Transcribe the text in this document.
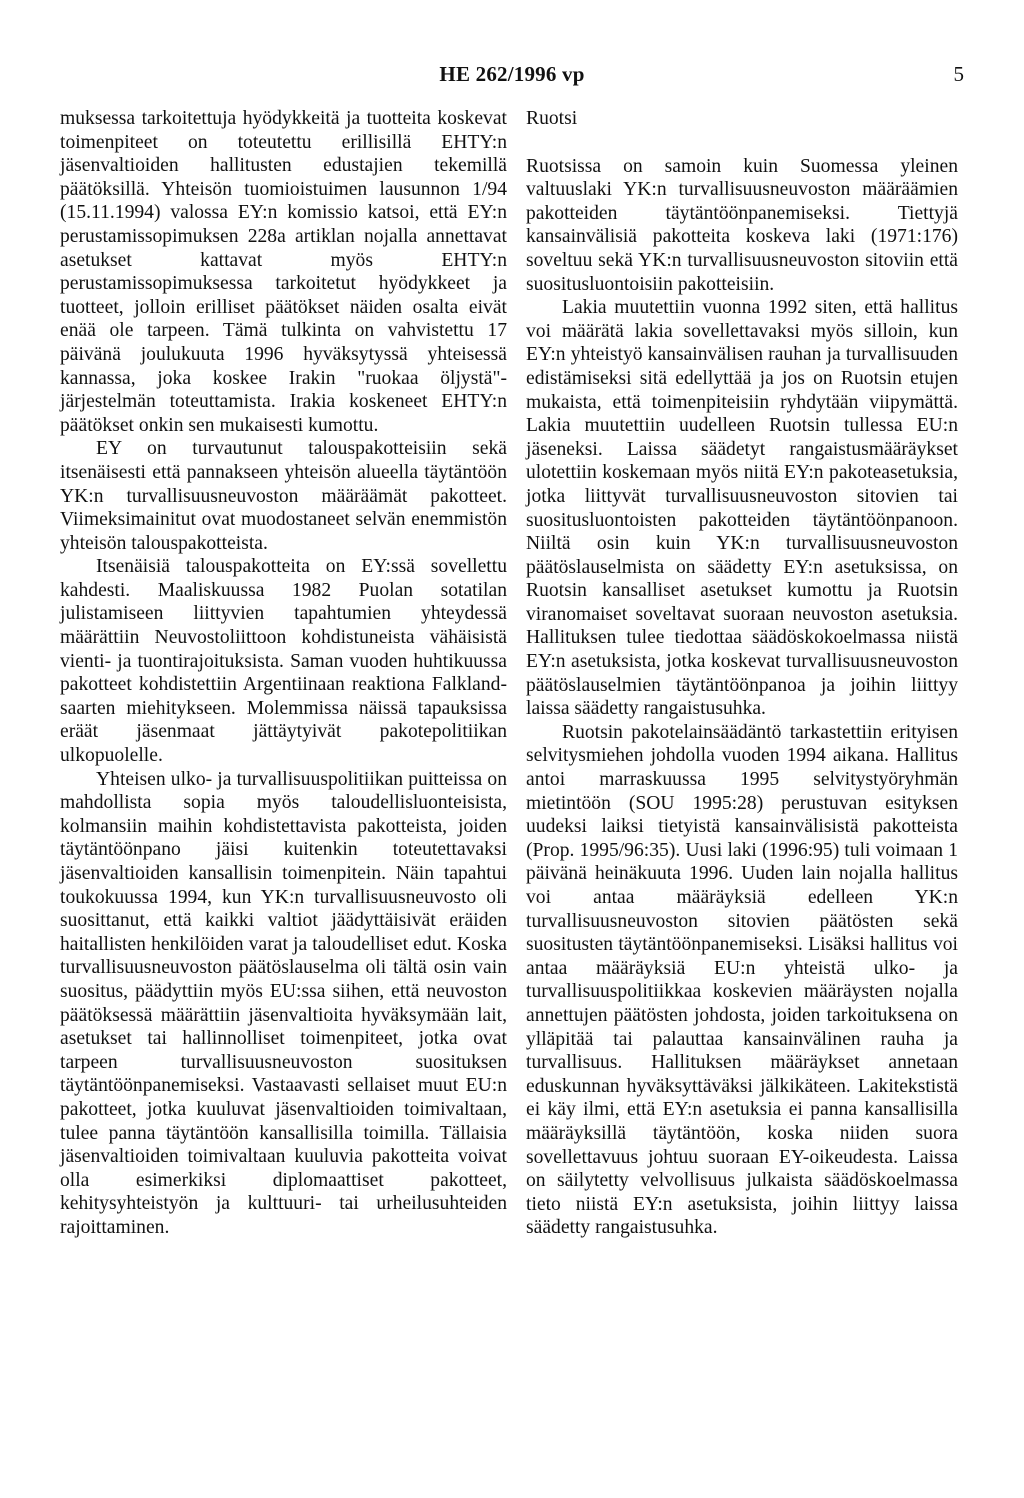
HE 262/1996 vp	5

muksessa tarkoitettuja hyödykkeitä ja tuotteita koskevat toimenpiteet on toteutettu erillisillä EHTY:n jäsenvaltioiden hallitusten edustajien tekemillä päätöksillä. Yhteisön tuomioistuimen lausunnon 1/94 (15.11.1994) valossa EY:n komissio katsoi, että EY:n perustamissopimuksen 228a artiklan nojalla annettavat asetukset kattavat myös EHTY:n perustamissopimuksessa tarkoitetut hyödykkeet ja tuotteet, jolloin erilliset päätökset näiden osalta eivät enää ole tarpeen. Tämä tulkinta on vahvistettu 17 päivänä joulukuuta 1996 hyväksytyssä yhteisessä kannassa, joka koskee Irakin "ruokaa öljystä"-järjestelmän toteuttamista. Irakia koskeneet EHTY:n päätökset onkin sen mukaisesti kumottu.

EY on turvautunut talouspakotteisiin sekä itsenäisesti että pannakseen yhteisön alueella täytäntöön YK:n turvallisuusneuvoston määräämät pakotteet. Viimeksimainitut ovat muodostaneet selvän enemmistön yhteisön talouspakotteista.

Itsenäisiä talouspakotteita on EY:ssä sovellettu kahdesti. Maaliskuussa 1982 Puolan sotatilan julistamiseen liittyvien tapahtumien yhteydessä määrättiin Neuvostoliittoon kohdistuneista vähäisistä vienti- ja tuontirajoituksista. Saman vuoden huhtikuussa pakotteet kohdistettiin Argentiinaan reaktiona Falkland-saarten miehitykseen. Molemmissa näissä tapauksissa eräät jäsenmaat jättäytyivät pakotepolitiikan ulkopuolelle.

Yhteisen ulko- ja turvallisuuspolitiikan puitteissa on mahdollista sopia myös taloudellisluonteisista, kolmansiin maihin kohdistettavista pakotteista, joiden täytäntöönpano jäisi kuitenkin toteutettavaksi jäsenvaltioiden kansallisin toimenpitein. Näin tapahtui toukokuussa 1994, kun YK:n turvallisuusneuvosto oli suosittanut, että kaikki valtiot jäädyttäisivät eräiden haitallisten henkilöiden varat ja taloudelliset edut. Koska turvallisuusneuvoston päätöslauselma oli tältä osin vain suositus, päädyttiin myös EU:ssa siihen, että neuvoston päätöksessä määrättiin jäsenvaltioita hyväksymään lait, asetukset tai hallinnolliset toimenpiteet, jotka ovat tarpeen turvallisuusneuvoston suosituksen täytäntöönpanemiseksi. Vastaavasti sellaiset muut EU:n pakotteet, jotka kuuluvat jäsenvaltioiden toimivaltaan, tulee panna täytäntöön kansallisilla toimilla. Tällaisia jäsenvaltioiden toimivaltaan kuuluvia pakotteita voivat olla esimerkiksi diplomaattiset pakotteet, kehitysyhteistyön ja kulttuuri- tai urheilusuhteiden rajoittaminen.

Ruotsi

Ruotsissa on samoin kuin Suomessa yleinen valtuuslaki YK:n turvallisuusneuvoston määräämien pakotteiden täytäntöönpanemiseksi. Tiettyjä kansainvälisiä pakotteita koskeva laki (1971:176) soveltuu sekä YK:n turvallisuusneuvoston sitoviin että suositusluontoisiin pakotteisiin.

Lakia muutettiin vuonna 1992 siten, että hallitus voi määrätä lakia sovellettavaksi myös silloin, kun EY:n yhteistyö kansainvälisen rauhan ja turvallisuuden edistämiseksi sitä edellyttää ja jos on Ruotsin etujen mukaista, että toimenpiteisiin ryhdytään viipymättä. Lakia muutettiin uudelleen Ruotsin tullessa EU:n jäseneksi. Laissa säädetyt rangaistusmääräykset ulotettiin koskemaan myös niitä EY:n pakoteasetuksia, jotka liittyvät turvallisuusneuvoston sitovien tai suositusluontoisten pakotteiden täytäntöönpanoon. Niiltä osin kuin YK:n turvallisuusneuvoston päätöslauselmista on säädetty EY:n asetuksissa, on Ruotsin kansalliset asetukset kumottu ja Ruotsin viranomaiset soveltavat suoraan neuvoston asetuksia. Hallituksen tulee tiedottaa säädöskokoelmassa niistä EY:n asetuksista, jotka koskevat turvallisuusneuvoston päätöslauselmien täytäntöönpanoa ja joihin liittyy laissa säädetty rangaistusuhka.

Ruotsin pakotelainsäädäntö tarkastettiin erityisen selvitysmiehen johdolla vuoden 1994 aikana. Hallitus antoi marraskuussa 1995 selvitystyöryhmän mietintöön (SOU 1995:28) perustuvan esityksen uudeksi laiksi tietyistä kansainvälisistä pakotteista (Prop. 1995/96:35). Uusi laki (1996:95) tuli voimaan 1 päivänä heinäkuuta 1996. Uuden lain nojalla hallitus voi antaa määräyksiä edelleen YK:n turvallisuusneuvoston sitovien päätösten sekä suositusten täytäntöönpanemiseksi. Lisäksi hallitus voi antaa määräyksiä EU:n yhteistä ulko- ja turvallisuuspolitiikkaa koskevien määräysten nojalla annettujen päätösten johdosta, joiden tarkoituksena on ylläpitää tai palauttaa kansainvälinen rauha ja turvallisuus. Hallituksen määräykset annetaan eduskunnan hyväksyttäväksi jälkikäteen. Lakitekstistä ei käy ilmi, että EY:n asetuksia ei panna kansallisilla määräyksillä täytäntöön, koska niiden suora sovellettavuus johtuu suoraan EY-oikeudesta. Laissa on säilytetty velvollisuus julkaista säädöskoelmassa tieto niistä EY:n asetuksista, joihin liittyy laissa säädetty rangaistusuhka.
